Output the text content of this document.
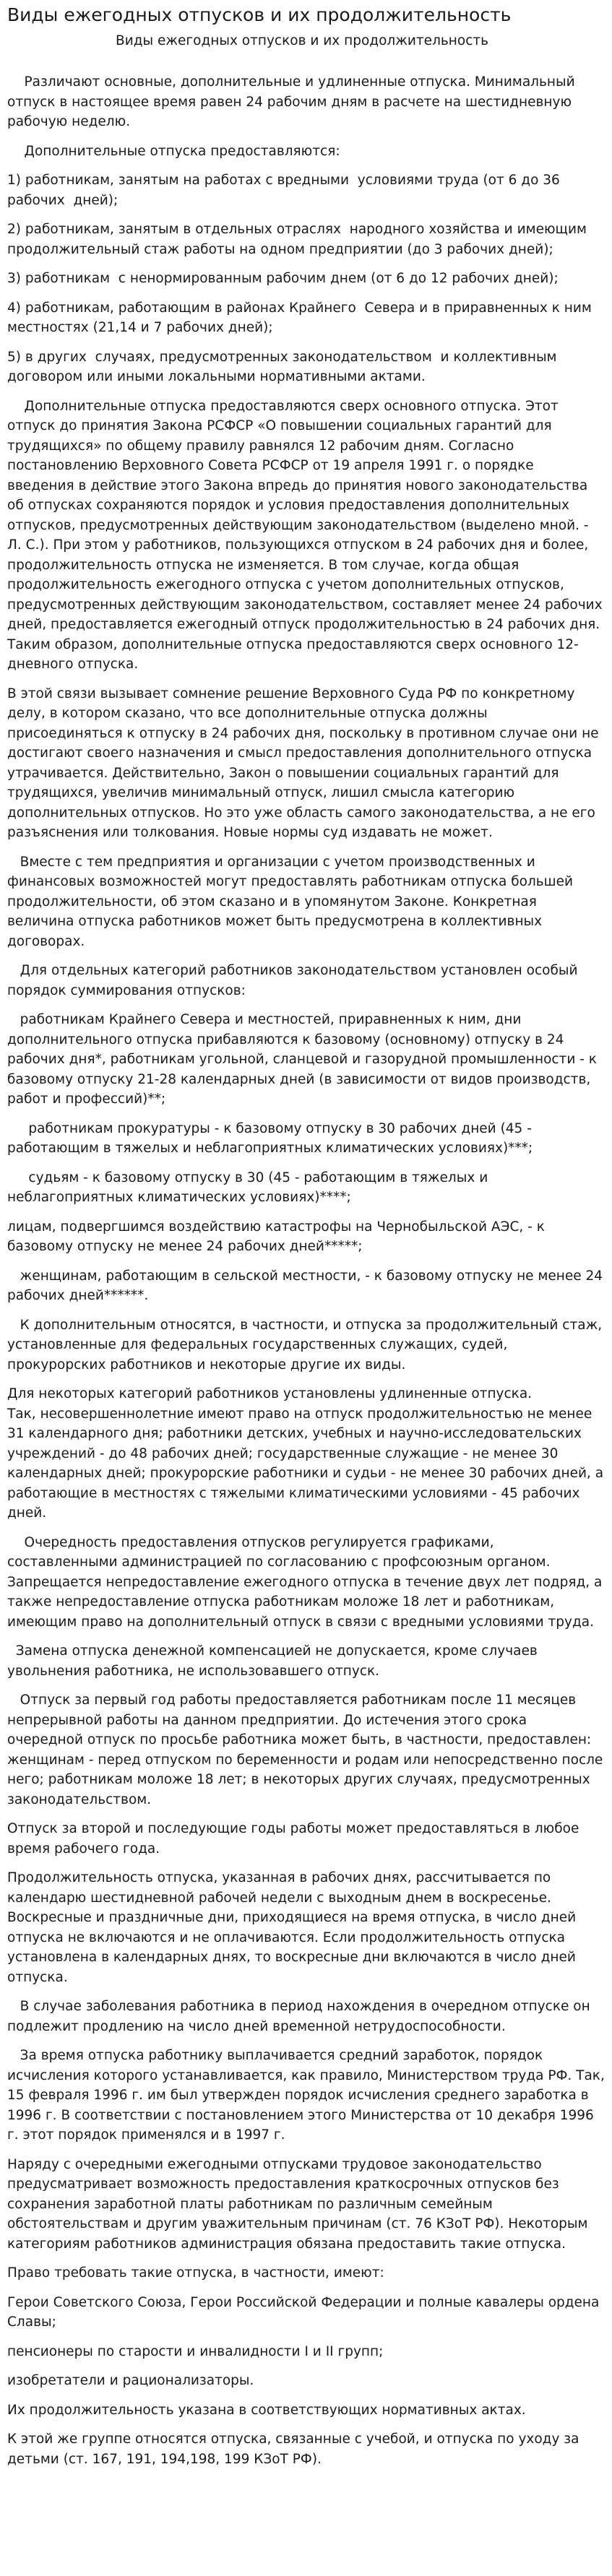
Виды ежегодных отпусков и их продолжительность
Виды ежегодных отпусков и их продолжительность

Различают основные, дополнительные и удлиненные отпуска. Минимальный отпуск в настоящее время равен 24 рабочим дням в расчете на шестидневную рабочую неделю.

Дополнительные отпуска предоставляются:

1) работникам, занятым на работах с вредными  условиями труда (от 6 до 36 рабочих  дней);

2) работникам, занятым в отдельных отраслях  народного хозяйства и имеющим продолжительный стаж работы на одном предприятии (до 3 рабочих дней);

3) работникам  с ненормированным рабочим днем (от 6 до 12 рабочих дней);

4) работникам, работающим в районах Крайнего  Севера и в приравненных к ним местностях (21,14 и 7 рабочих дней);

5) в других  случаях, предусмотренных законодательством  и коллективным договором или иными локальными нормативными актами.

Дополнительные отпуска предоставляются сверх основного отпуска. Этот отпуск до принятия Закона РСФСР «О повышении социальных гарантий для трудящихся» по общему правилу равнялся 12 рабочим дням. Согласно постановлению Верховного Совета РСФСР от 19 апреля 1991 г. о порядке введения в действие этого Закона впредь до принятия нового законодательства об отпусках сохраняются порядок и условия предоставления дополнительных отпусков, предусмотренных действующим законодательством (выделено мной. - Л. С.). При этом у работников, пользующихся отпуском в 24 рабочих дня и более, продолжительность отпуска не изменяется. В том случае, когда общая продолжительность ежегодного отпуска с учетом дополнительных отпусков, предусмотренных действующим законодательством, составляет менее 24 рабочих дней, предоставляется ежегодный отпуск продолжительностью в 24 рабочих дня. Таким образом, дополнительные отпуска предоставляются сверх основного 12-дневного отпуска.

В этой связи вызывает сомнение решение Верховного Суда РФ по конкретному делу, в котором сказано, что все дополнительные отпуска должны присоединяться к отпуску в 24 рабочих дня, поскольку в противном случае они не достигают своего назначения и смысл предоставления дополнительного отпуска утрачивается. Действительно, Закон о повышении социальных гарантий для трудящихся, увеличив минимальный отпуск, лишил смысла категорию дополнительных отпусков. Но это уже область самого законодательства, а не его разъяснения или толкования. Новые нормы суд издавать не может.

Вместе с тем предприятия и организации с учетом производственных и финансовых возможностей могут предоставлять работникам отпуска большей продолжительности, об этом сказано и в упомянутом Законе. Конкретная величина отпуска работников может быть предусмотрена в коллективных договорах.

Для отдельных категорий работников законодательством установлен особый порядок суммирования отпусков:

работникам Крайнего Севера и местностей, приравненных к ним, дни дополнительного отпуска прибавляются к базовому (основному) отпуску в 24 рабочих дня*, работникам угольной, сланцевой и газорудной промышленности - к базовому отпуску 21-28 календарных дней (в зависимости от видов производств, работ и профессий)**;

работникам прокуратуры - к базовому отпуску в 30 рабочих дней (45 - работающим в тяжелых и неблагоприятных климатических условиях)***;

судьям - к базовому отпуску в 30 (45 - работающим в тяжелых и неблагоприятных климатических условиях)****;

лицам, подвергшимся воздействию катастрофы на Чернобыльской АЭС, - к базовому отпуску не менее 24 рабочих дней*****;

женщинам, работающим в сельской местности, - к базовому отпуску не менее 24 рабочих дней******.

К дополнительным относятся, в частности, и отпуска за продолжительный стаж, установленные для федеральных государственных служащих, судей, прокурорских работников и некоторые другие их виды.

Для некоторых категорий работников установлены удлиненные отпуска.
Так, несовершеннолетние имеют право на отпуск продолжительностью не менее 31 календарного дня; работники детских, учебных и научно-исследовательских учреждений - до 48 рабочих дней; государственные служащие - не менее 30 календарных дней; прокурорские работники и судьи - не менее 30 рабочих дней, а работающие в местностях с тяжелыми климатическими условиями - 45 рабочих дней.

Очередность предоставления отпусков регулируется графиками, составленными администрацией по согласованию с профсоюзным органом. Запрещается непредоставление ежегодного отпуска в течение двух лет подряд, а также непредоставление отпуска работникам моложе 18 лет и работникам, имеющим право на дополнительный отпуск в связи с вредными условиями труда.

Замена отпуска денежной компенсацией не допускается, кроме случаев увольнения работника, не использовавшего отпуск.

Отпуск за первый год работы предоставляется работникам после 11 месяцев непрерывной работы на данном предприятии. До истечения этого срока очередной отпуск по просьбе работника может быть, в частности, предоставлен: женщинам - перед отпуском по беременности и родам или непосредственно после него; работникам моложе 18 лет; в некоторых других случаях, предусмотренных законодательством.

Отпуск за второй и последующие годы работы может предоставляться в любое время рабочего года.

Продолжительность отпуска, указанная в рабочих днях, рассчитывается по календарю шестидневной рабочей недели с выходным днем в воскресенье. Воскресные и праздничные дни, приходящиеся на время отпуска, в число дней отпуска не включаются и не оплачиваются. Если продолжительность отпуска установлена в календарных днях, то воскресные дни включаются в число дней отпуска.

В случае заболевания работника в период нахождения в очередном отпуске он подлежит продлению на число дней временной нетрудоспособности.

За время отпуска работнику выплачивается средний заработок, порядок исчисления которого устанавливается, как правило, Министерством труда РФ. Так, 15 февраля 1996 г. им был утвержден порядок исчисления среднего заработка в 1996 г. В соответствии с постановлением этого Министерства от 10 декабря 1996 г. этот порядок применялся и в 1997 г.

Наряду с очередными ежегодными отпусками трудовое законодательство предусматривает возможность предоставления краткосрочных отпусков без сохранения заработной платы работникам по различным семейным обстоятельствам и другим уважительным причинам (ст. 76 КЗоТ РФ). Некоторым категориям работников администрация обязана предоставить такие отпуска.

Право требовать такие отпуска, в частности, имеют:

Герои Советского Союза, Герои Российской Федерации и полные кавалеры ордена Славы;

пенсионеры по старости и инвалидности I и II групп;

изобретатели и рационализаторы.

Их продолжительность указана в соответствующих нормативных актах.

К этой же группе относятся отпуска, связанные с учебой, и отпуска по уходу за детьми (ст. 167, 191, 194,198, 199 КЗоТ РФ).
